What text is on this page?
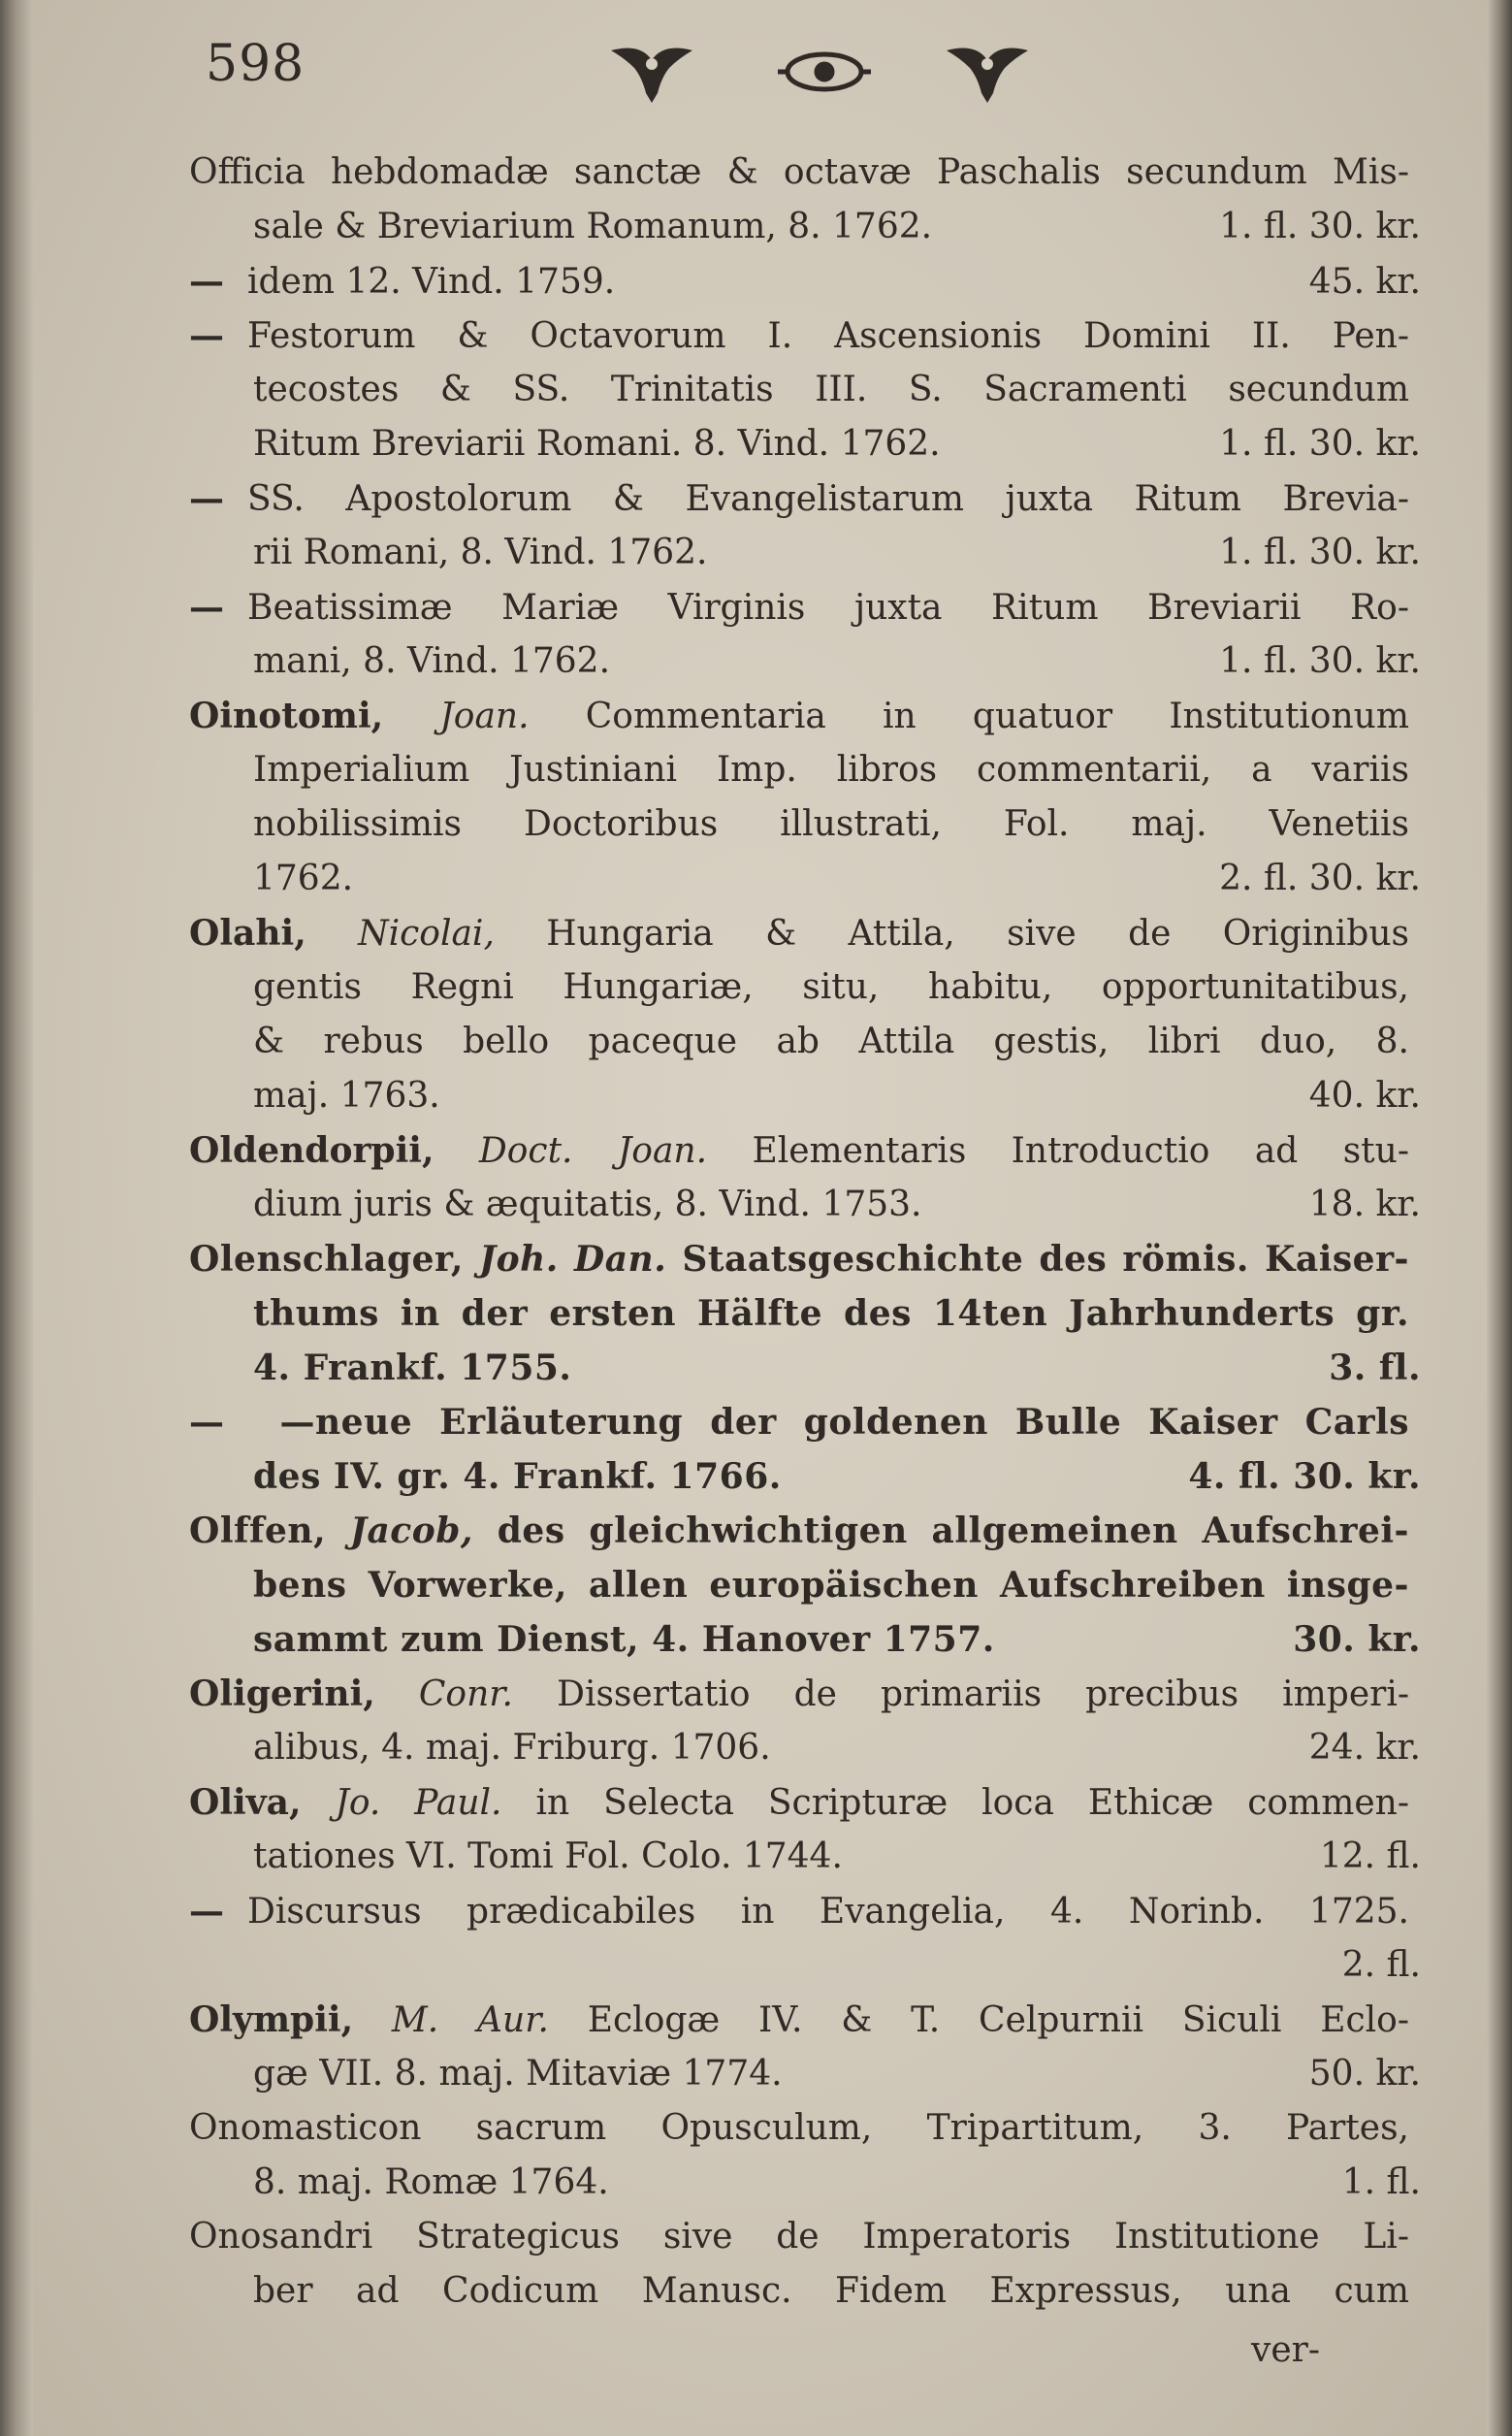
598
Officia hebdomadæ sanctæ & octavæ Paschalis secundum Mis-
sale & Breviarium Romanum, 8. 1762.	1. fl. 30. kr.
— idem 12. Vind. 1759.	45. kr.
— Festorum & Octavorum I. Ascensionis Domini II. Pen-
tecostes & SS. Trinitatis III. S. Sacramenti secundum
Ritum Breviarii Romani. 8. Vind. 1762.	1. fl. 30. kr.
— SS. Apostolorum & Evangelistarum juxta Ritum Brevia-
rii Romani, 8. Vind. 1762.	1. fl. 30. kr.
— Beatissimæ Mariæ Virginis juxta Ritum Breviarii Ro-
mani, 8. Vind. 1762.	1. fl. 30. kr.
Oinotomi, Joan. Commentaria in quatuor Institutionum
Imperialium Justiniani Imp. libros commentarii, a variis
nobilissimis Doctoribus illustrati, Fol. maj. Venetiis
1762.	2. fl. 30. kr.
Olahi, Nicolai, Hungaria & Attila, sive de Originibus
gentis Regni Hungariæ, situ, habitu, opportunitatibus,
& rebus bello paceque ab Attila gestis, libri duo, 8.
maj. 1763.	40. kr.
Oldendorpii, Doct. Joan. Elementaris Introductio ad stu-
dium juris & æquitatis, 8. Vind. 1753.	18. kr.
Olenschlager, Joh. Dan. Staatsgeschichte des römis. Kaiser-
thums in der ersten Hälfte des 14ten Jahrhunderts gr.
4. Frankf. 1755.	3. fl.
— —neue Erläuterung der goldenen Bulle Kaiser Carls
des IV. gr. 4. Frankf. 1766.	4. fl. 30. kr.
Olffen, Jacob, des gleichwichtigen allgemeinen Aufschrei-
bens Vorwerke, allen europäischen Aufschreiben insge-
sammt zum Dienst, 4. Hanover 1757.	30. kr.
Oligerini, Conr. Dissertatio de primariis precibus imperi-
alibus, 4. maj. Friburg. 1706.	24. kr.
Oliva, Jo. Paul. in Selecta Scripturæ loca Ethicæ commen-
tationes VI. Tomi Fol. Colo. 1744.	12. fl.
— Discursus prædicabiles in Evangelia, 4. Norinb. 1725.
2. fl.
Olympii, M. Aur. Eclogæ IV. & T. Celpurnii Siculi Eclo-
gæ VII. 8. maj. Mitaviæ 1774.	50. kr.
Onomasticon sacrum Opusculum, Tripartitum, 3. Partes,
8. maj. Romæ 1764.	1. fl.
Onosandri Strategicus sive de Imperatoris Institutione Li-
ber ad Codicum Manusc. Fidem Expressus, una cum
ver-
